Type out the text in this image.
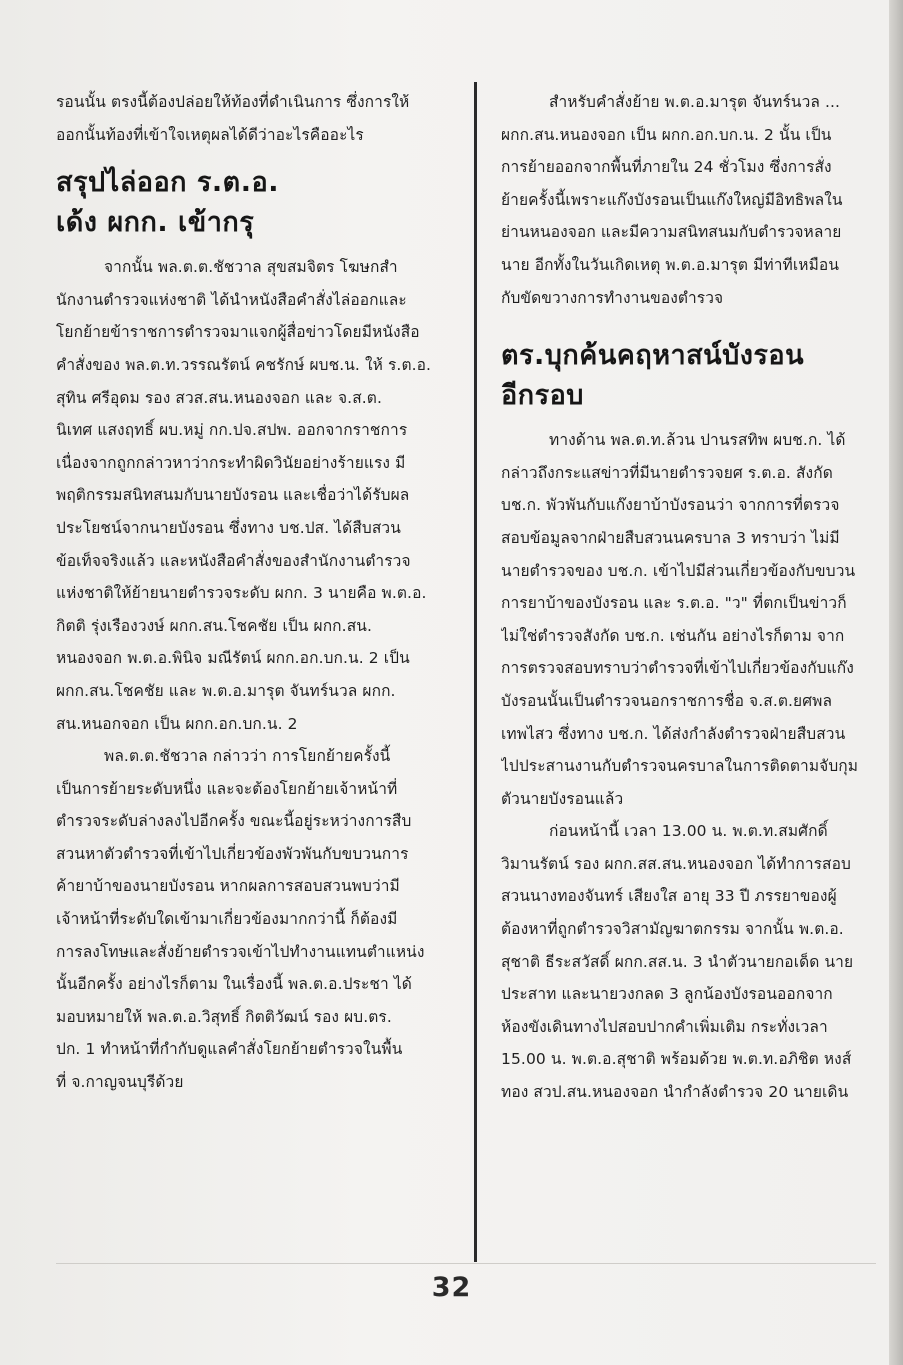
รอนนั้น ตรงนี้ต้องปล่อยให้ท้องที่ดำเนินการ ซึ่งการให้
ออกนั้นท้องที่เข้าใจเหตุผลได้ดีว่าอะไรคืออะไร

สรุปไล่ออก ร.ต.อ.
เด้ง ผกก. เข้ากรุ

จากนั้น พล.ต.ต.ชัชวาล สุขสมจิตร โฆษกสำ
นักงานตำรวจแห่งชาติ ได้นำหนังสือคำสั่งไล่ออกและ
โยกย้ายข้าราชการตำรวจมาแจกผู้สื่อข่าวโดยมีหนังสือ
คำสั่งของ พล.ต.ท.วรรณรัตน์ คชรักษ์ ผบช.น. ให้ ร.ต.อ.
สุทิน ศรีอุดม รอง สวส.สน.หนองจอก และ จ.ส.ต.
นิเทศ แสงฤทธิ์ ผบ.หมู่ กก.ปจ.สปพ. ออกจากราชการ
เนื่องจากถูกกล่าวหาว่ากระทำผิดวินัยอย่างร้ายแรง มี
พฤติกรรมสนิทสนมกับนายบังรอน และเชื่อว่าได้รับผล
ประโยชน์จากนายบังรอน ซึ่งทาง บช.ปส. ได้สืบสวน
ข้อเท็จจริงแล้ว และหนังสือคำสั่งของสำนักงานตำรวจ
แห่งชาติให้ย้ายนายตำรวจระดับ ผกก. 3 นายคือ พ.ต.อ.
กิตติ รุ่งเรืองวงษ์ ผกก.สน.โชคชัย เป็น ผกก.สน.
หนองจอก พ.ต.อ.พินิจ มณีรัตน์ ผกก.อก.บก.น. 2 เป็น
ผกก.สน.โชคชัย และ พ.ต.อ.มารุต จันทร์นวล ผกก.
สน.หนอกจอก เป็น ผกก.อก.บก.น. 2

พล.ต.ต.ชัชวาล กล่าวว่า การโยกย้ายครั้งนี้
เป็นการย้ายระดับหนึ่ง และจะต้องโยกย้ายเจ้าหน้าที่
ตำรวจระดับล่างลงไปอีกครั้ง ขณะนี้อยู่ระหว่างการสืบ
สวนหาตัวตำรวจที่เข้าไปเกี่ยวข้องพัวพันกับขบวนการ
ค้ายาบ้าของนายบังรอน หากผลการสอบสวนพบว่ามี
เจ้าหน้าที่ระดับใดเข้ามาเกี่ยวข้องมากกว่านี้ ก็ต้องมี
การลงโทษและสั่งย้ายตำรวจเข้าไปทำงานแทนตำแหน่ง
นั้นอีกครั้ง อย่างไรก็ตาม ในเรื่องนี้ พล.ต.อ.ประชา ได้
มอบหมายให้ พล.ต.อ.วิสุทธิ์ กิตติวัฒน์ รอง ผบ.ตร.
ปก. 1 ทำหน้าที่กำกับดูแลคำสั่งโยกย้ายตำรวจในพื้น
ที่ จ.กาญจนบุรีด้วย

สำหรับคำสั่งย้าย พ.ต.อ.มารุต จันทร์นวล ...
ผกก.สน.หนองจอก เป็น ผกก.อก.บก.น. 2 นั้น เป็น
การย้ายออกจากพื้นที่ภายใน 24 ชั่วโมง ซึ่งการสั่ง
ย้ายครั้งนี้เพราะแก๊งบังรอนเป็นแก๊งใหญ่มีอิทธิพลใน
ย่านหนองจอก และมีความสนิทสนมกับตำรวจหลาย
นาย อีกทั้งในวันเกิดเหตุ พ.ต.อ.มารุต มีท่าทีเหมือน
กับขัดขวางการทำงานของตำรวจ

ตร.บุกค้นคฤหาสน์บังรอน
อีกรอบ

ทางด้าน พล.ต.ท.ล้วน ปานรสทิพ ผบช.ก. ได้
กล่าวถึงกระแสข่าวที่มีนายตำรวจยศ ร.ต.อ. สังกัด
บช.ก. พัวพันกับแก๊งยาบ้าบังรอนว่า จากการที่ตรวจ
สอบข้อมูลจากฝ่ายสืบสวนนครบาล 3 ทราบว่า ไม่มี
นายตำรวจของ บช.ก. เข้าไปมีส่วนเกี่ยวข้องกับขบวน
การยาบ้าของบังรอน และ ร.ต.อ. "ว" ที่ตกเป็นข่าวก็
ไม่ใช่ตำรวจสังกัด บช.ก. เช่นกัน อย่างไรก็ตาม จาก
การตรวจสอบทราบว่าตำรวจที่เข้าไปเกี่ยวข้องกับแก๊ง
บังรอนนั้นเป็นตำรวจนอกราชการชื่อ จ.ส.ต.ยศพล
เทพไสว ซึ่งทาง บช.ก. ได้ส่งกำลังตำรวจฝ่ายสืบสวน
ไปประสานงานกับตำรวจนครบาลในการติดตามจับกุม
ตัวนายบังรอนแล้ว

ก่อนหน้านี้ เวลา 13.00 น. พ.ต.ท.สมศักดิ์
วิมานรัตน์ รอง ผกก.สส.สน.หนองจอก ได้ทำการสอบ
สวนนางทองจันทร์ เสียงใส อายุ 33 ปี ภรรยาของผู้
ต้องหาที่ถูกตำรวจวิสามัญฆาตกรรม จากนั้น พ.ต.อ.
สุชาติ ธีระสวัสดิ์ ผกก.สส.น. 3 นำตัวนายกอเด็ด นาย
ประสาท และนายวงกลด 3 ลูกน้องบังรอนออกจาก
ห้องขังเดินทางไปสอบปากคำเพิ่มเติม กระทั่งเวลา
15.00 น. พ.ต.อ.สุชาติ พร้อมด้วย พ.ต.ท.อภิชิต หงส์
ทอง สวป.สน.หนองจอก นำกำลังตำรวจ 20 นายเดิน

32
